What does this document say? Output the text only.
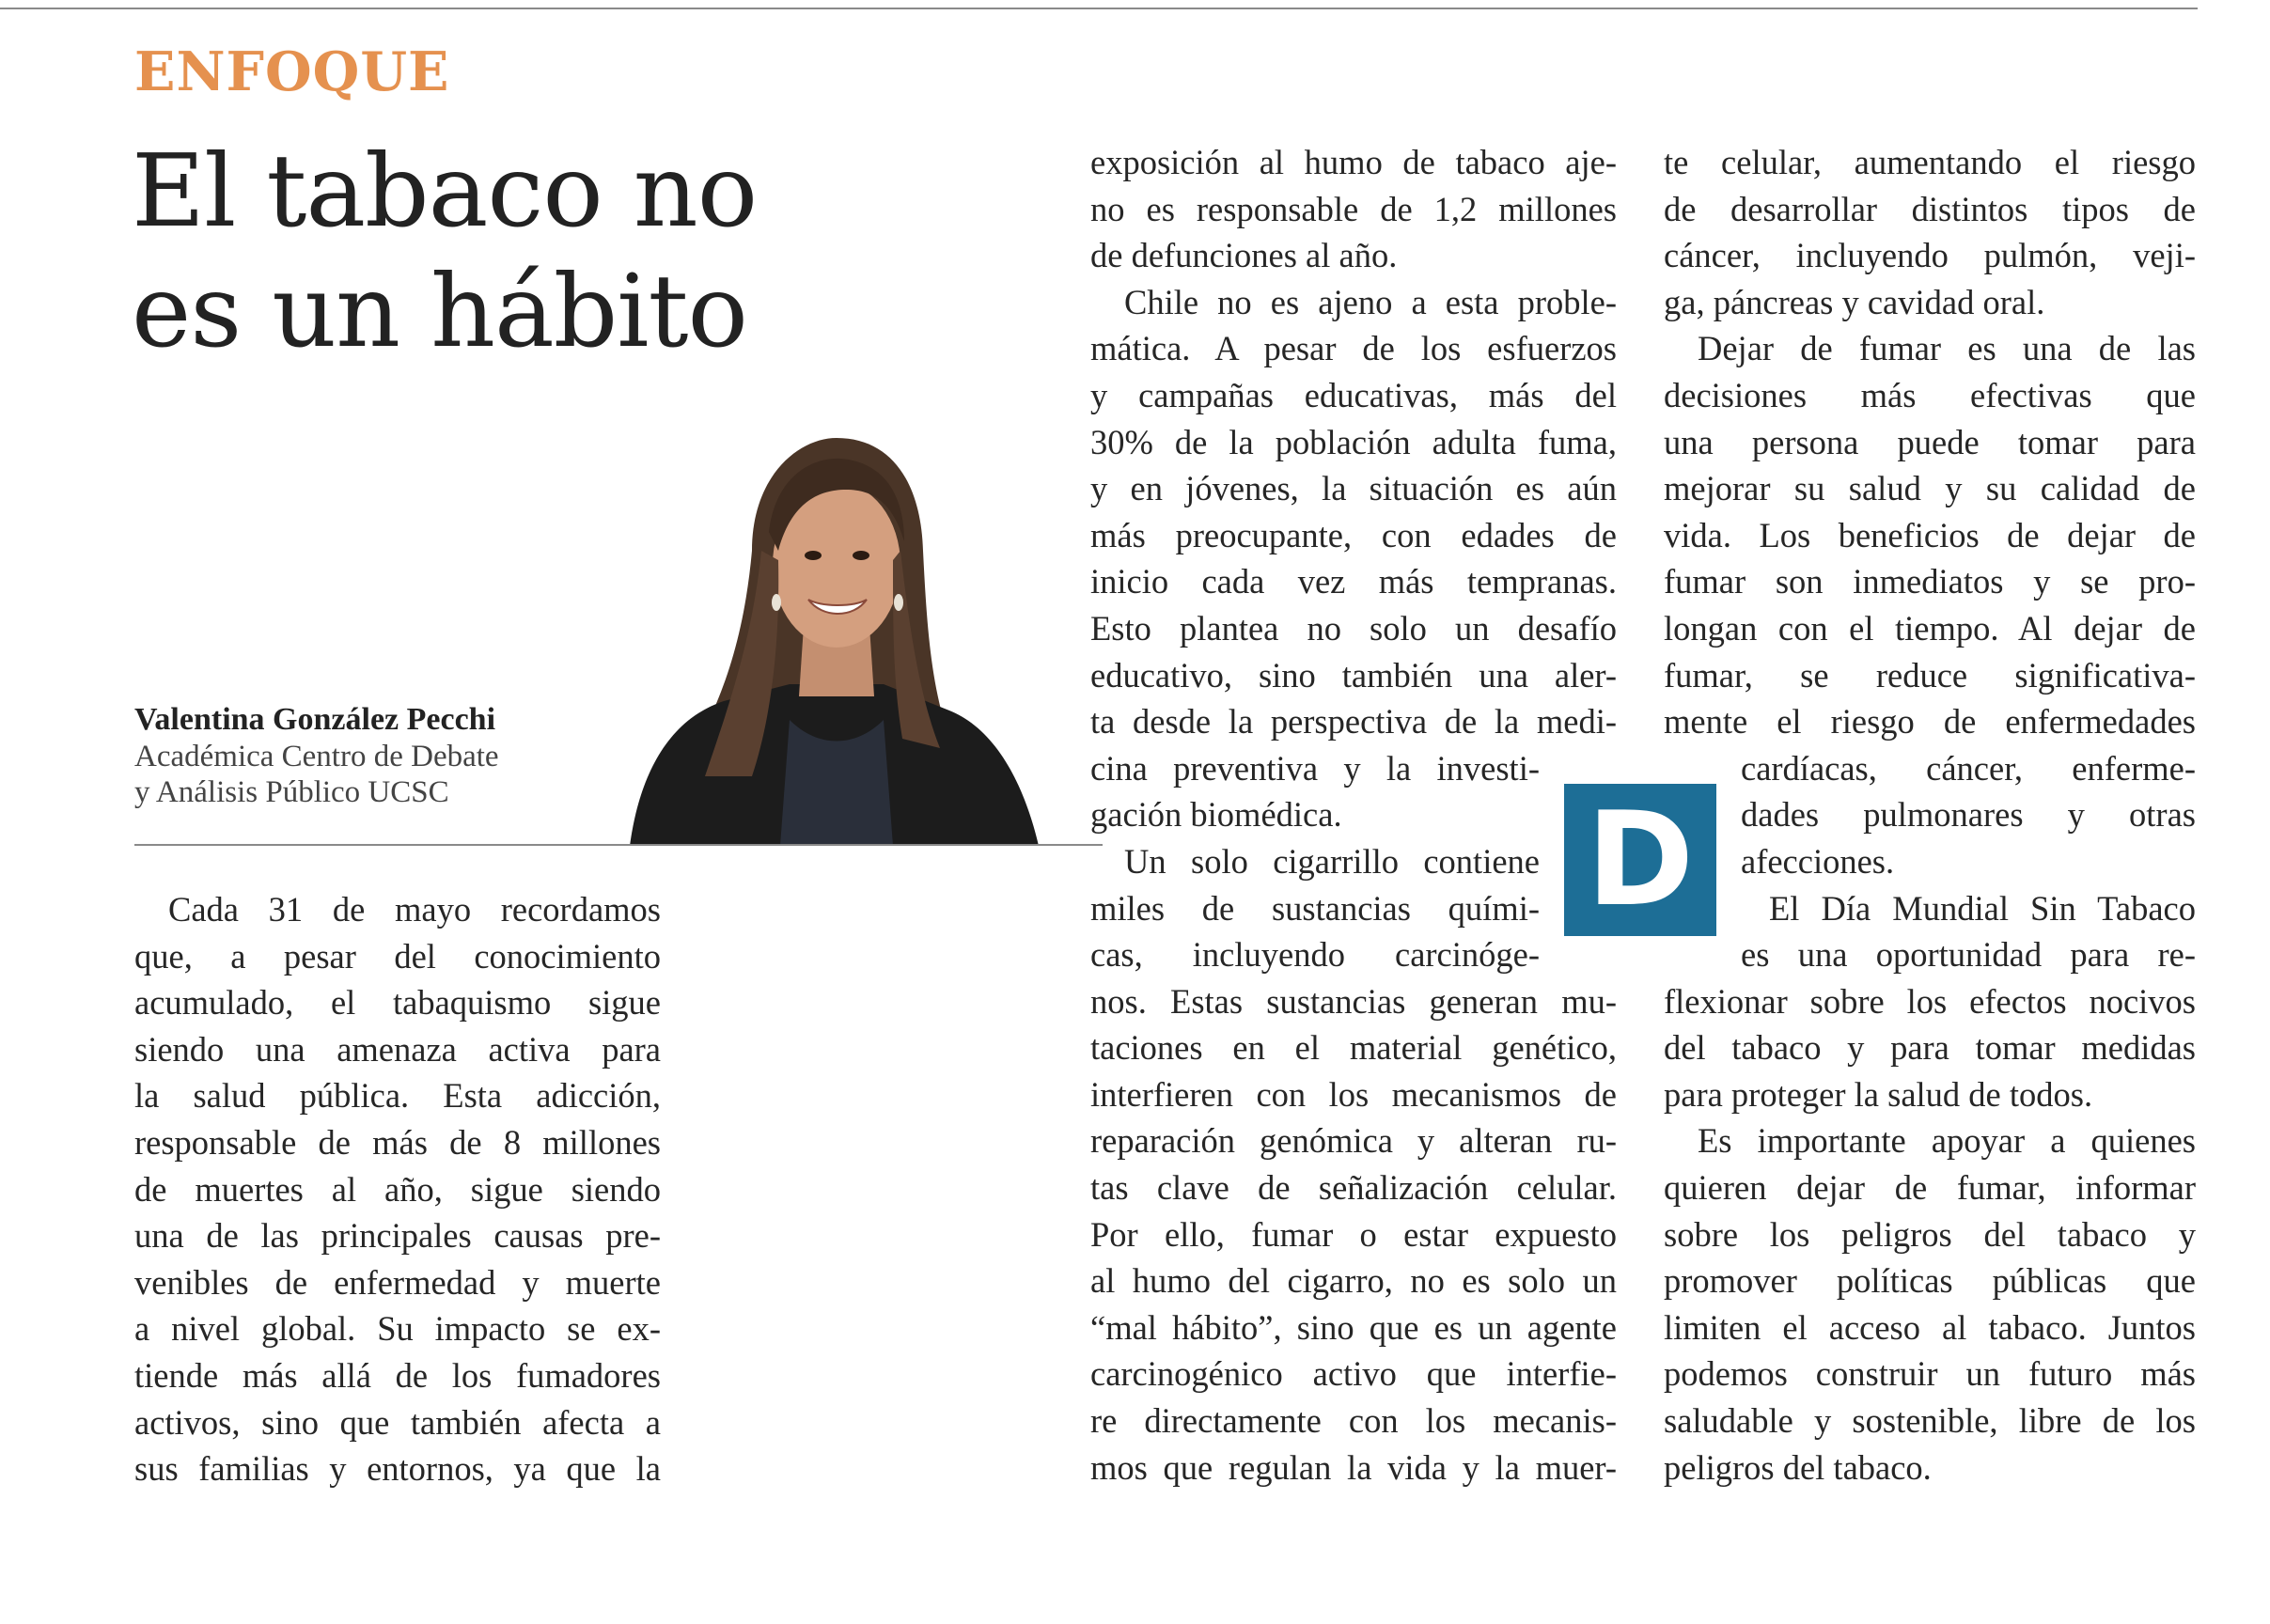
ENFOQUE
El tabaco no
es un hábito
Valentina González Pecchi
Académica Centro de Debate
y Análisis Público UCSC
Cada 31 de mayo recordamos
que, a pesar del conocimiento
acumulado, el tabaquismo sigue
siendo una amenaza activa para
la salud pública. Esta adicción,
responsable de más de 8 millones
de muertes al año, sigue siendo
una de las principales causas pre-
venibles de enfermedad y muerte
a nivel global. Su impacto se ex-
tiende más allá de los fumadores
activos, sino que también afecta a
sus familias y entornos, ya que la
exposición al humo de tabaco aje-
no es responsable de 1,2 millones
de defunciones al año.
Chile no es ajeno a esta proble-
mática. A pesar de los esfuerzos
y campañas educativas, más del
30% de la población adulta fuma,
y en jóvenes, la situación es aún
más preocupante, con edades de
inicio cada vez más tempranas.
Esto plantea no solo un desafío
educativo, sino también una aler-
ta desde la perspectiva de la medi-
cina preventiva y la investi-
gación biomédica.
Un solo cigarrillo contiene
miles de sustancias quími-
cas, incluyendo carcinóge-
nos. Estas sustancias generan mu-
taciones en el material genético,
interfieren con los mecanismos de
reparación genómica y alteran ru-
tas clave de señalización celular.
Por ello, fumar o estar expuesto
al humo del cigarro, no es solo un
“mal hábito”, sino que es un agente
carcinogénico activo que interfie-
re directamente con los mecanis-
mos que regulan la vida y la muer-
te celular, aumentando el riesgo
de desarrollar distintos tipos de
cáncer, incluyendo pulmón, veji-
ga, páncreas y cavidad oral.
Dejar de fumar es una de las
decisiones más efectivas que
una persona puede tomar para
mejorar su salud y su calidad de
vida. Los beneficios de dejar de
fumar son inmediatos y se pro-
longan con el tiempo. Al dejar de
fumar, se reduce significativa-
mente el riesgo de enfermedades
cardíacas, cáncer, enferme-
dades pulmonares y otras
afecciones.
El Día Mundial Sin Tabaco
es una oportunidad para re-
flexionar sobre los efectos nocivos
del tabaco y para tomar medidas
para proteger la salud de todos.
Es importante apoyar a quienes
quieren dejar de fumar, informar
sobre los peligros del tabaco y
promover políticas públicas que
limiten el acceso al tabaco. Juntos
podemos construir un futuro más
saludable y sostenible, libre de los
peligros del tabaco.
D
